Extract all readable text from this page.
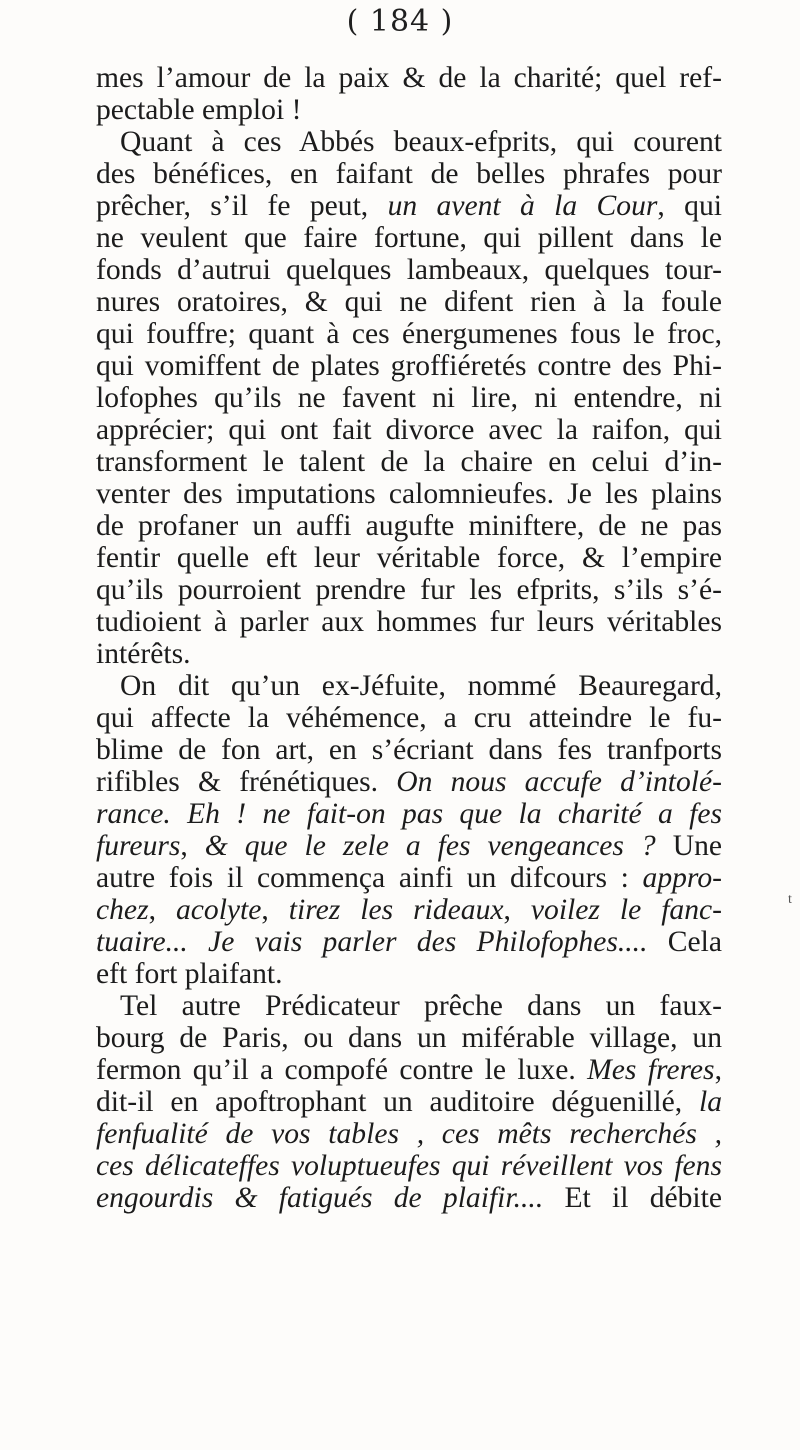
( 184 )
mes l’amour de la paix & de la charité; quel ref-
pectable emploi !
Quant à ces Abbés beaux-efprits, qui courent
des bénéfices, en faifant de belles phrafes pour
prêcher, s’il fe peut, un avent à la Cour, qui
ne veulent que faire fortune, qui pillent dans le
fonds d’autrui quelques lambeaux, quelques tour-
nures oratoires, & qui ne difent rien à la foule
qui fouffre; quant à ces énergumenes fous le froc,
qui vomiffent de plates groffiéretés contre des Phi-
lofophes qu’ils ne favent ni lire, ni entendre, ni
apprécier; qui ont fait divorce avec la raifon, qui
transforment le talent de la chaire en celui d’in-
venter des imputations calomnieufes. Je les plains
de profaner un auffi augufte miniftere, de ne pas
fentir quelle eft leur véritable force, & l’empire
qu’ils pourroient prendre fur les efprits, s’ils s’é-
tudioient à parler aux hommes fur leurs véritables
intérêts.
On dit qu’un ex-Jéfuite, nommé Beauregard,
qui affecte la véhémence, a cru atteindre le fu-
blime de fon art, en s’écriant dans fes tranfports
rifibles & frénétiques. On nous accufe d’intolé-
rance. Eh ! ne fait-on pas que la charité a fes
fureurs, & que le zele a fes vengeances ? Une
autre fois il commença ainfi un difcours : appro-
chez, acolyte, tirez les rideaux, voilez le fanc-
tuaire... Je vais parler des Philofophes.... Cela
eft fort plaifant.
Tel autre Prédicateur prêche dans un faux-
bourg de Paris, ou dans un miférable village, un
fermon qu’il a compofé contre le luxe. Mes freres,
dit-il en apoftrophant un auditoire déguenillé, la
fenfualité de vos tables , ces mêts recherchés ,
ces délicateffes voluptueufes qui réveillent vos fens
engourdis & fatigués de plaifir.... Et il débite
t
